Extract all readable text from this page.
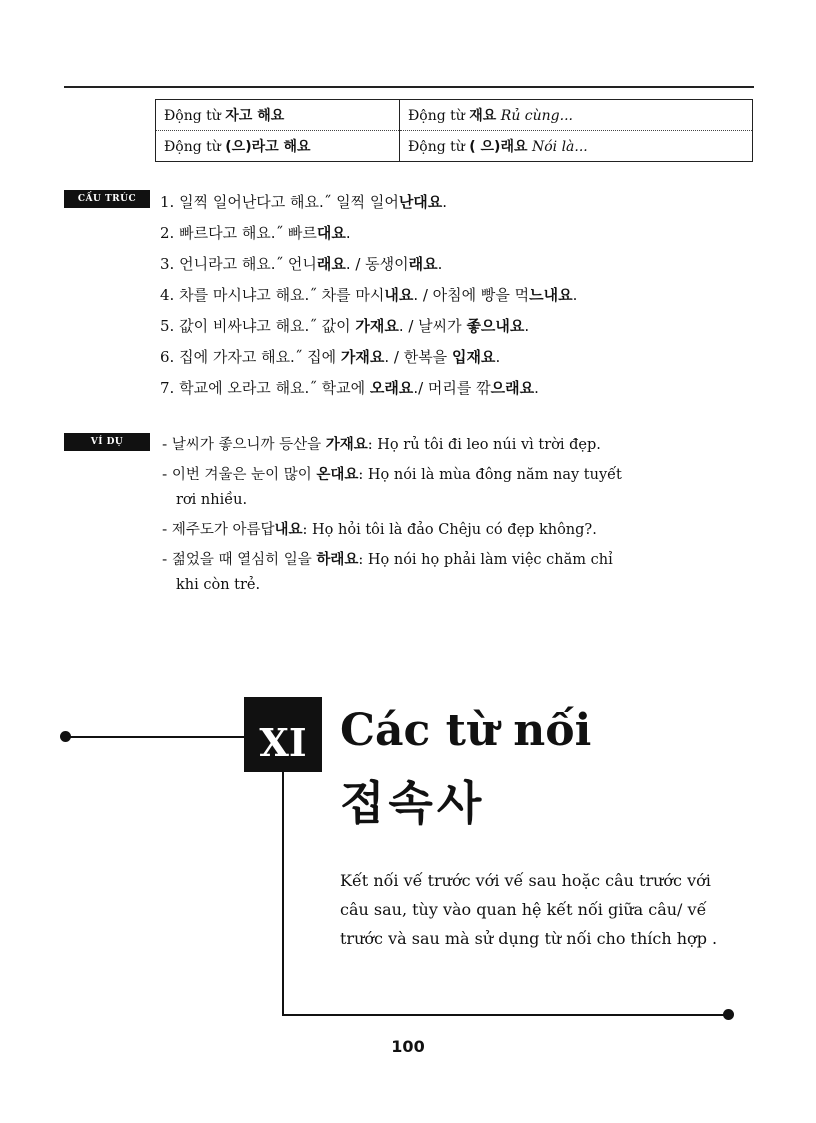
Động từ 자고 해요	Động từ 재요 Rủ cùng...
Động từ (으)라고 해요	Động từ ( 으)래요 Nói là...
CẤU TRÚC	1. 일찍 일어난다고 해요.˝ 일찍 일어난대요.
2. 빠르다고 해요.˝ 빠르대요.
3. 언니라고 해요.˝ 언니래요. / 동생이래요.
4. 차를 마시냐고 해요.˝ 차를 마시내요. / 아침에 빵을 먹느내요.
5. 값이 비싸냐고 해요.˝ 값이 가재요. / 날씨가 좋으내요.
6. 집에 가자고 해요.˝ 집에 가재요. / 한복을 입재요.
7. 학교에 오라고 해요.˝ 학교에 오래요./ 머리를 깎으래요.
VÍ DỤ	- 날씨가 좋으니까 등산을 가재요: Họ rủ tôi đi leo núi vì trời đẹp.
- 이번 겨울은 눈이 많이 온대요: Họ nói là mùa đông năm nay tuyết
rơi nhiều.
- 제주도가 아름답내요: Họ hỏi tôi là đảo Chêju có đẹp không?.
- 젊었을 때 열심히 일을 하래요: Họ nói họ phải làm việc chăm chỉ
khi còn trẻ.
XI Các từ nối
접속사
Kết nối vế trước với vế sau hoặc câu trước với câu sau, tùy vào quan hệ kết nối giữa câu/ vế trước và sau mà sử dụng từ nối cho thích hợp .
100
